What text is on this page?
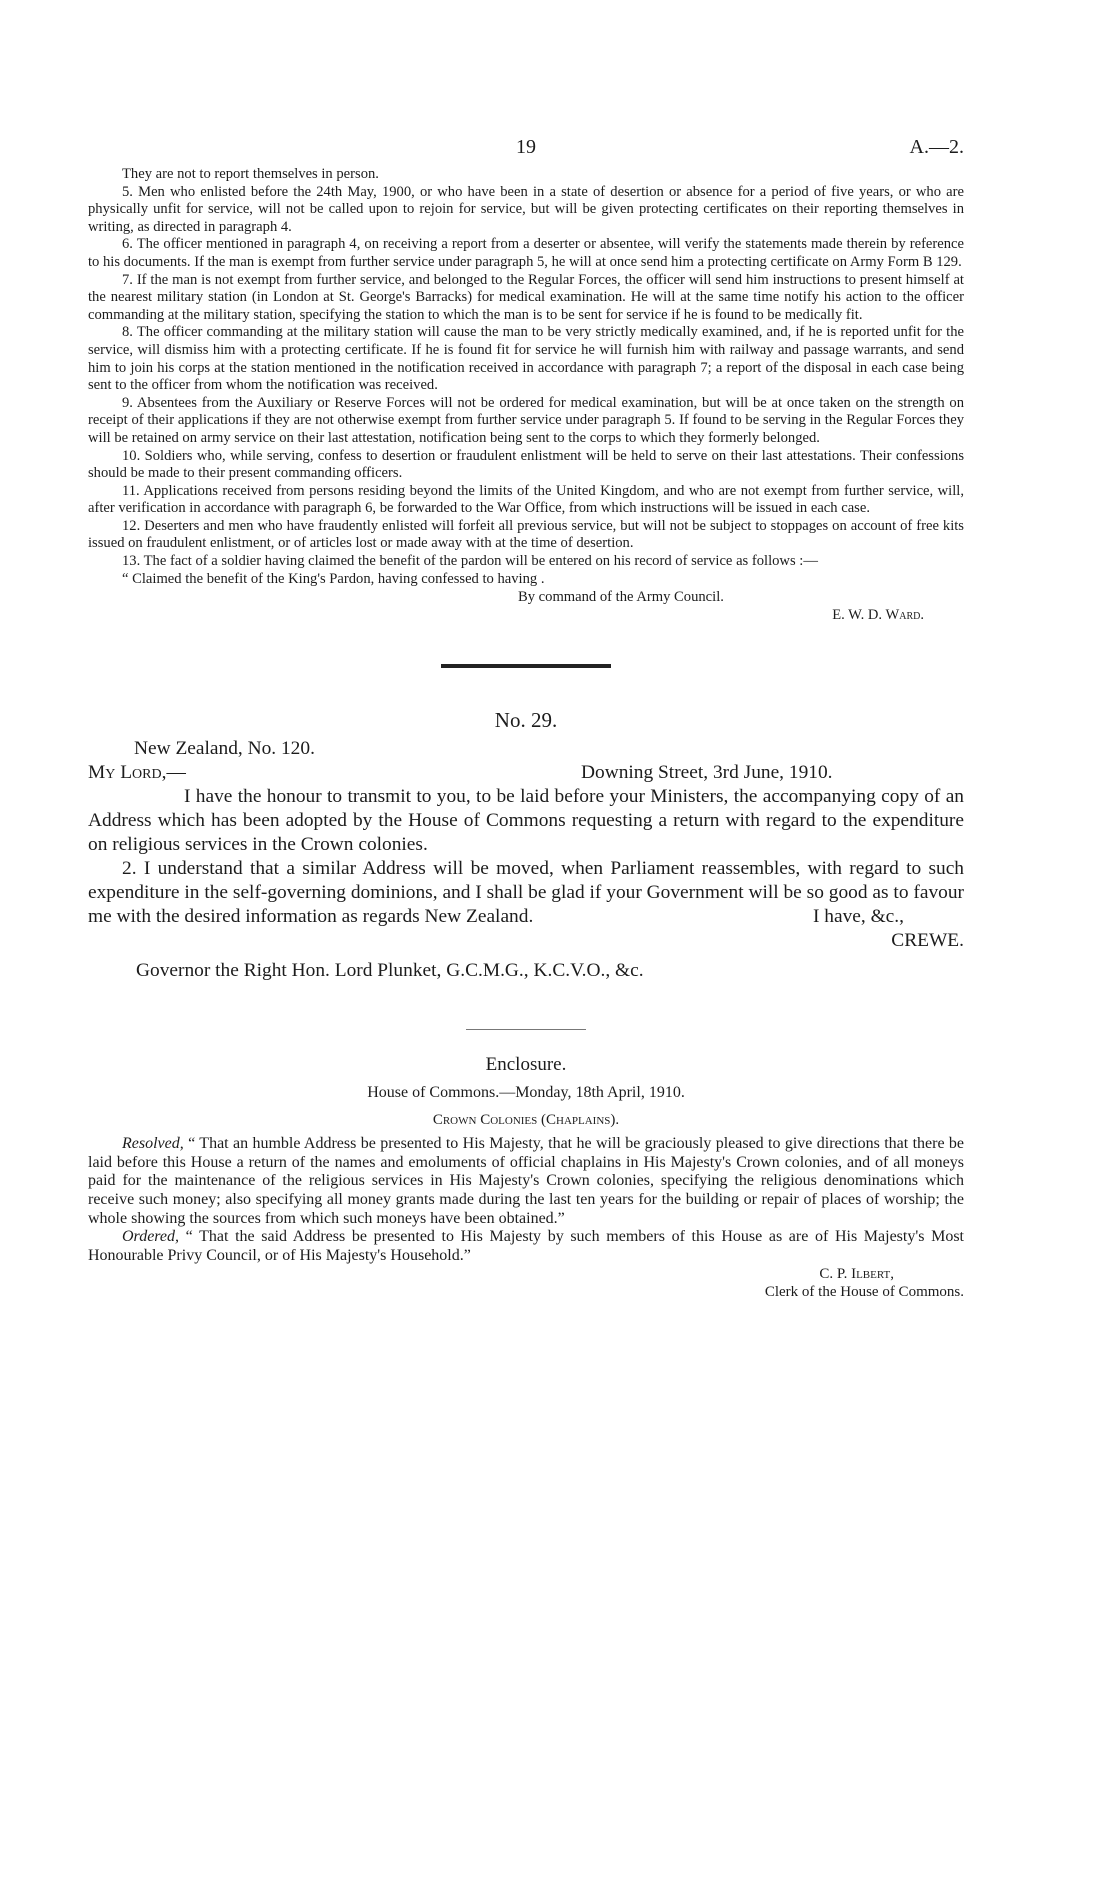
19	A.—2.

They are not to report themselves in person.

5. Men who enlisted before the 24th May, 1900, or who have been in a state of desertion or absence for a period of five years, or who are physically unfit for service, will not be called upon to rejoin for service, but will be given protecting certificates on their reporting themselves in writing, as directed in paragraph 4.

6. The officer mentioned in paragraph 4, on receiving a report from a deserter or absentee, will verify the statements made therein by reference to his documents. If the man is exempt from further service under paragraph 5, he will at once send him a protecting certificate on Army Form B 129.

7. If the man is not exempt from further service, and belonged to the Regular Forces, the officer will send him instructions to present himself at the nearest military station (in London at St. George's Barracks) for medical examination. He will at the same time notify his action to the officer commanding at the military station, specifying the station to which the man is to be sent for service if he is found to be medically fit.

8. The officer commanding at the military station will cause the man to be very strictly medically examined, and, if he is reported unfit for the service, will dismiss him with a protecting certificate. If he is found fit for service he will furnish him with railway and passage warrants, and send him to join his corps at the station mentioned in the notification received in accordance with paragraph 7; a report of the disposal in each case being sent to the officer from whom the notification was received.

9. Absentees from the Auxiliary or Reserve Forces will not be ordered for medical examination, but will be at once taken on the strength on receipt of their applications if they are not otherwise exempt from further service under paragraph 5. If found to be serving in the Regular Forces they will be retained on army service on their last attestation, notification being sent to the corps to which they formerly belonged.

10. Soldiers who, while serving, confess to desertion or fraudulent enlistment will be held to serve on their last attestations. Their confessions should be made to their present commanding officers.

11. Applications received from persons residing beyond the limits of the United Kingdom, and who are not exempt from further service, will, after verification in accordance with paragraph 6, be forwarded to the War Office, from which instructions will be issued in each case.

12. Deserters and men who have fraudently enlisted will forfeit all previous service, but will not be subject to stoppages on account of free kits issued on fraudulent enlistment, or of articles lost or made away with at the time of desertion.

13. The fact of a soldier having claimed the benefit of the pardon will be entered on his record of service as follows :—

“ Claimed the benefit of the King's Pardon, having confessed to having .

By command of the Army Council.
E. W. D. Ward.
No. 29.
New Zealand, No. 120.
My Lord,—	Downing Street, 3rd June, 1910.

I have the honour to transmit to you, to be laid before your Ministers, the accompanying copy of an Address which has been adopted by the House of Commons requesting a return with regard to the expenditure on religious services in the Crown colonies.

2. I understand that a similar Address will be moved, when Parliament reassembles, with regard to such expenditure in the self-governing dominions, and I shall be glad if your Government will be so good as to favour me with the desired information as regards New Zealand.	I have, &c.,

CREWE.
Governor the Right Hon. Lord Plunket, G.C.M.G., K.C.V.O., &c.
Enclosure.
House of Commons.—Monday, 18th April, 1910.
Crown Colonies (Chaplains).

Resolved, “ That an humble Address be presented to His Majesty, that he will be graciously pleased to give directions that there be laid before this House a return of the names and emoluments of official chaplains in His Majesty's Crown colonies, and of all moneys paid for the maintenance of the religious services in His Majesty's Crown colonies, specifying the religious denominations which receive such money; also specifying all money grants made during the last ten years for the building or repair of places of worship; the whole showing the sources from which such moneys have been obtained.”

Ordered, “ That the said Address be presented to His Majesty by such members of this House as are of His Majesty's Most Honourable Privy Council, or of His Majesty's Household.”

C. P. Ilbert,
Clerk of the House of Commons.
